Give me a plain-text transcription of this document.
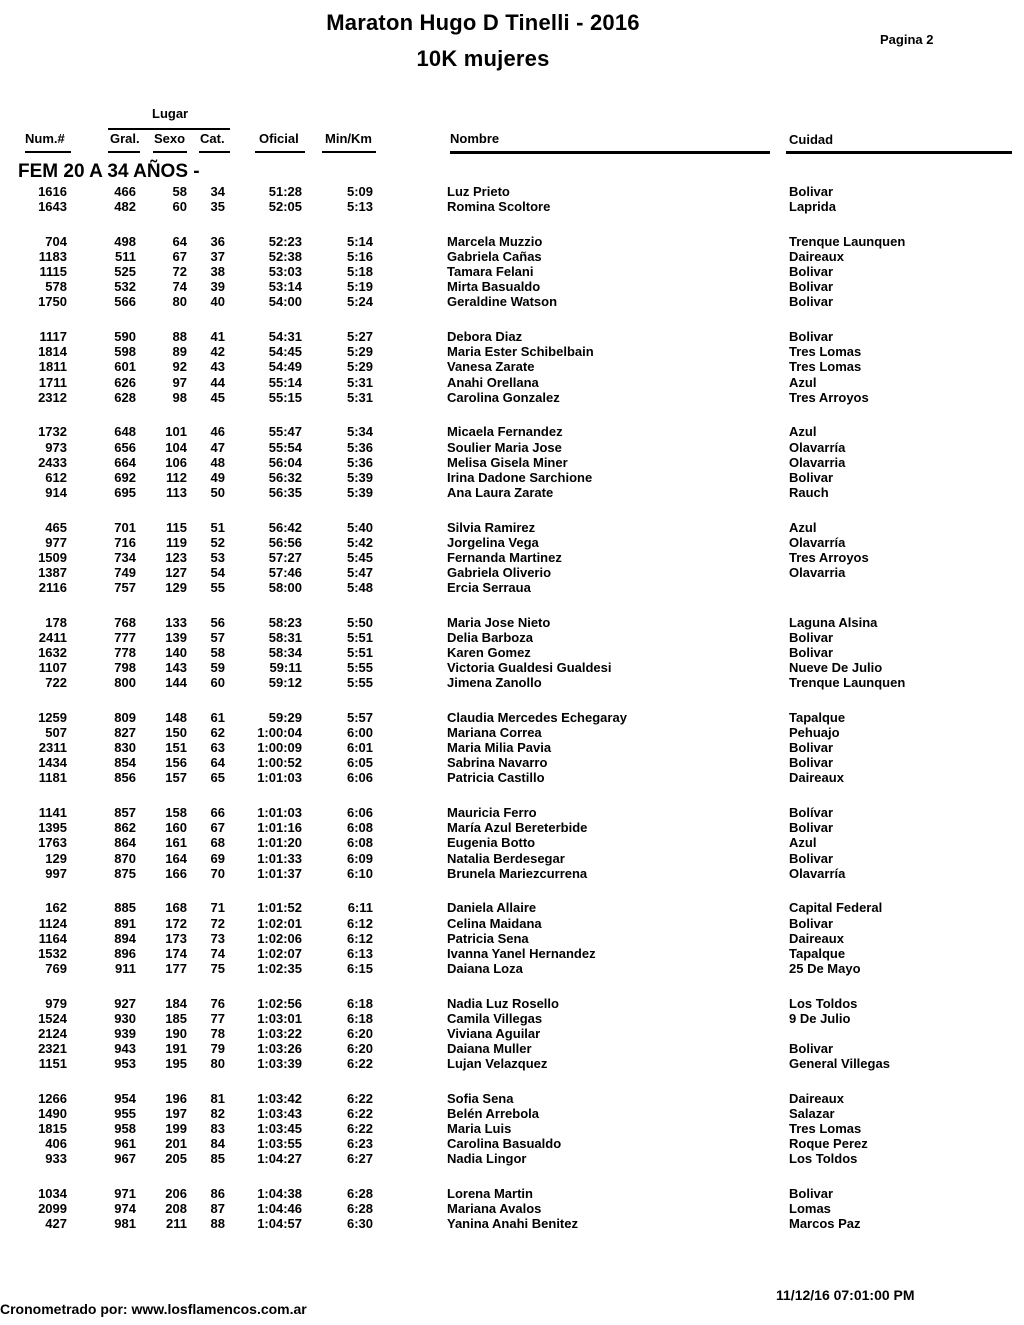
Maraton Hugo D Tinelli - 2016
10K mujeres
Pagina 2
Lugar
Num.#	Gral. Sexo Cat.	Oficial Min/Km	Nombre	Cuidad
FEM 20 A 34 AÑOS -
1616	466	58 34	51:28	5:09	Luz Prieto	Bolivar
1643	482	60 35	52:05	5:13	Romina Scoltore	Laprida
704	498	64 36	52:23	5:14	Marcela Muzzio	Trenque Launquen
1183	511	67 37	52:38	5:16	Gabriela Cañas	Daireaux
1115	525	72 38	53:03	5:18	Tamara Felani	Bolivar
578	532	74 39	53:14	5:19	Mirta Basualdo	Bolivar
1750	566	80 40	54:00	5:24	Geraldine Watson	Bolivar
1117	590	88 41	54:31	5:27	Debora Diaz	Bolivar
1814	598	89 42	54:45	5:29	Maria Ester Schibelbain	Tres Lomas
1811	601	92 43	54:49	5:29	Vanesa Zarate	Tres Lomas
1711	626	97 44	55:14	5:31	Anahi Orellana	Azul
2312	628	98 45	55:15	5:31	Carolina Gonzalez	Tres Arroyos
1732	648 101 46	55:47	5:34	Micaela Fernandez	Azul
973	656 104 47	55:54	5:36	Soulier Maria Jose	Olavarría
2433	664 106 48	56:04	5:36	Melisa Gisela Miner	Olavarria
612	692 112 49	56:32	5:39	Irina Dadone Sarchione	Bolivar
914	695 113 50	56:35	5:39	Ana Laura Zarate	Rauch
465	701 115 51	56:42	5:40	Silvia Ramirez	Azul
977	716 119 52	56:56	5:42	Jorgelina Vega	Olavarría
1509	734 123 53	57:27	5:45	Fernanda Martinez	Tres Arroyos
1387	749 127 54	57:46	5:47	Gabriela Oliverio	Olavarria
2116	757 129 55	58:00	5:48	Ercia Serrauа
178	768 133 56	58:23	5:50	Maria Jose Nieto	Laguna Alsina
2411	777 139 57	58:31	5:51	Delia Barboza	Bolivar
1632	778 140 58	58:34	5:51	Karen Gomez	Bolivar
1107	798 143 59	59:11	5:55	Victoria Gualdesi Gualdesi	Nueve De Julio
722	800 144 60	59:12	5:55	Jimena Zanollo	Trenque Launquen
1259	809 148 61	59:29	5:57	Claudia Mercedes Echegaray	Tapalque
507	827 150 62 1:00:04	6:00	Mariana Correa	Pehuajo
2311	830 151 63 1:00:09	6:01	Maria Milia Pavia	Bolivar
1434	854 156 64 1:00:52	6:05	Sabrina Navarro	Bolivar
1181	856 157 65 1:01:03	6:06	Patricia Castillo	Daireaux
1141	857 158 66 1:01:03	6:06	Mauricia Ferro	Bolívar
1395	862 160 67 1:01:16	6:08	María Azul Bereterbide	Bolivar
1763	864 161 68 1:01:20	6:08	Eugenia Botto	Azul
129	870 164 69 1:01:33	6:09	Natalia Berdesegar	Bolivar
997	875 166 70 1:01:37	6:10	Brunela Mariezcurrena	Olavarría
162	885 168 71 1:01:52	6:11	Daniela Allaire	Capital Federal
1124	891 172 72 1:02:01	6:12	Celina Maidana	Bolivar
1164	894 173 73 1:02:06	6:12	Patricia Sena	Daireaux
1532	896 174 74 1:02:07	6:13	Ivanna Yanel Hernandez	Tapalque
769	911 177 75 1:02:35	6:15	Daiana Loza	25 De Mayo
979	927 184 76 1:02:56	6:18	Nadia Luz Rosello	Los Toldos
1524	930 185 77 1:03:01	6:18	Camila Villegas	9 De Julio
2124	939 190 78 1:03:22	6:20	Viviana Aguilar
2321	943 191 79 1:03:26	6:20	Daiana Muller	Bolivar
1151	953 195 80 1:03:39	6:22	Lujan Velazquez	General Villegas
1266	954 196 81 1:03:42	6:22	Sofia Sena	Daireaux
1490	955 197 82 1:03:43	6:22	Belén Arrebola	Salazar
1815	958 199 83 1:03:45	6:22	Maria Luis	Tres Lomas
406	961 201 84 1:03:55	6:23	Carolina Basualdo	Roque Perez
933	967 205 85 1:04:27	6:27	Nadia Lingor	Los Toldos
1034	971 206 86 1:04:38	6:28	Lorena Martin	Bolivar
2099	974 208 87 1:04:46	6:28	Mariana Avalos	Lomas
427	981 211 88 1:04:57	6:30	Yanina Anahi Benitez	Marcos Paz
Cronometrado por: www.losflamencos.com.ar
11/12/16 07:01:00 PM
